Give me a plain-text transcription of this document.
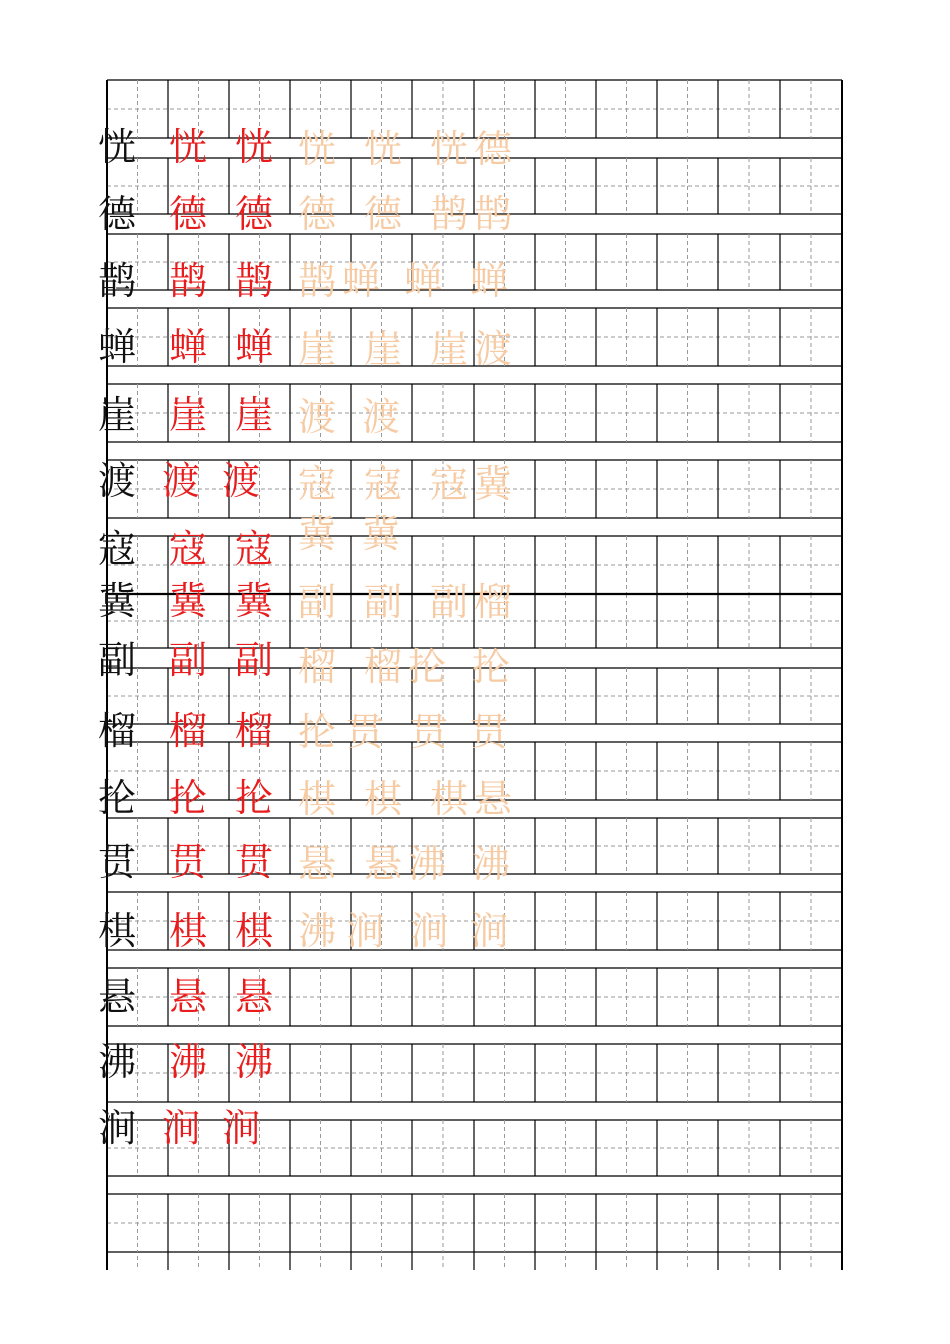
恍
德
鹊
蝉
崖
渡
寇
冀
副
榴
抡
贯
棋
悬
沸
涧
恍 恍
德 德
鹊 鹊
蝉 蝉
崖 崖
渡 渡
寇 寇
冀 冀
副 副
榴 榴
抡 抡
贯 贯
棋 棋
悬 悬
沸 沸
涧 涧
恍 恍 恍 德
德 德 鹊 鹊
鹊 蝉 蝉 蝉
崖 崖 崖 渡
渡 渡
寇 寇 寇 冀
冀 冀
副 副 副 榴
榴 榴 抡 抡
抡 贯 贯 贯
棋 棋 棋 悬
悬 悬 沸 沸
沸 涧 涧 涧
